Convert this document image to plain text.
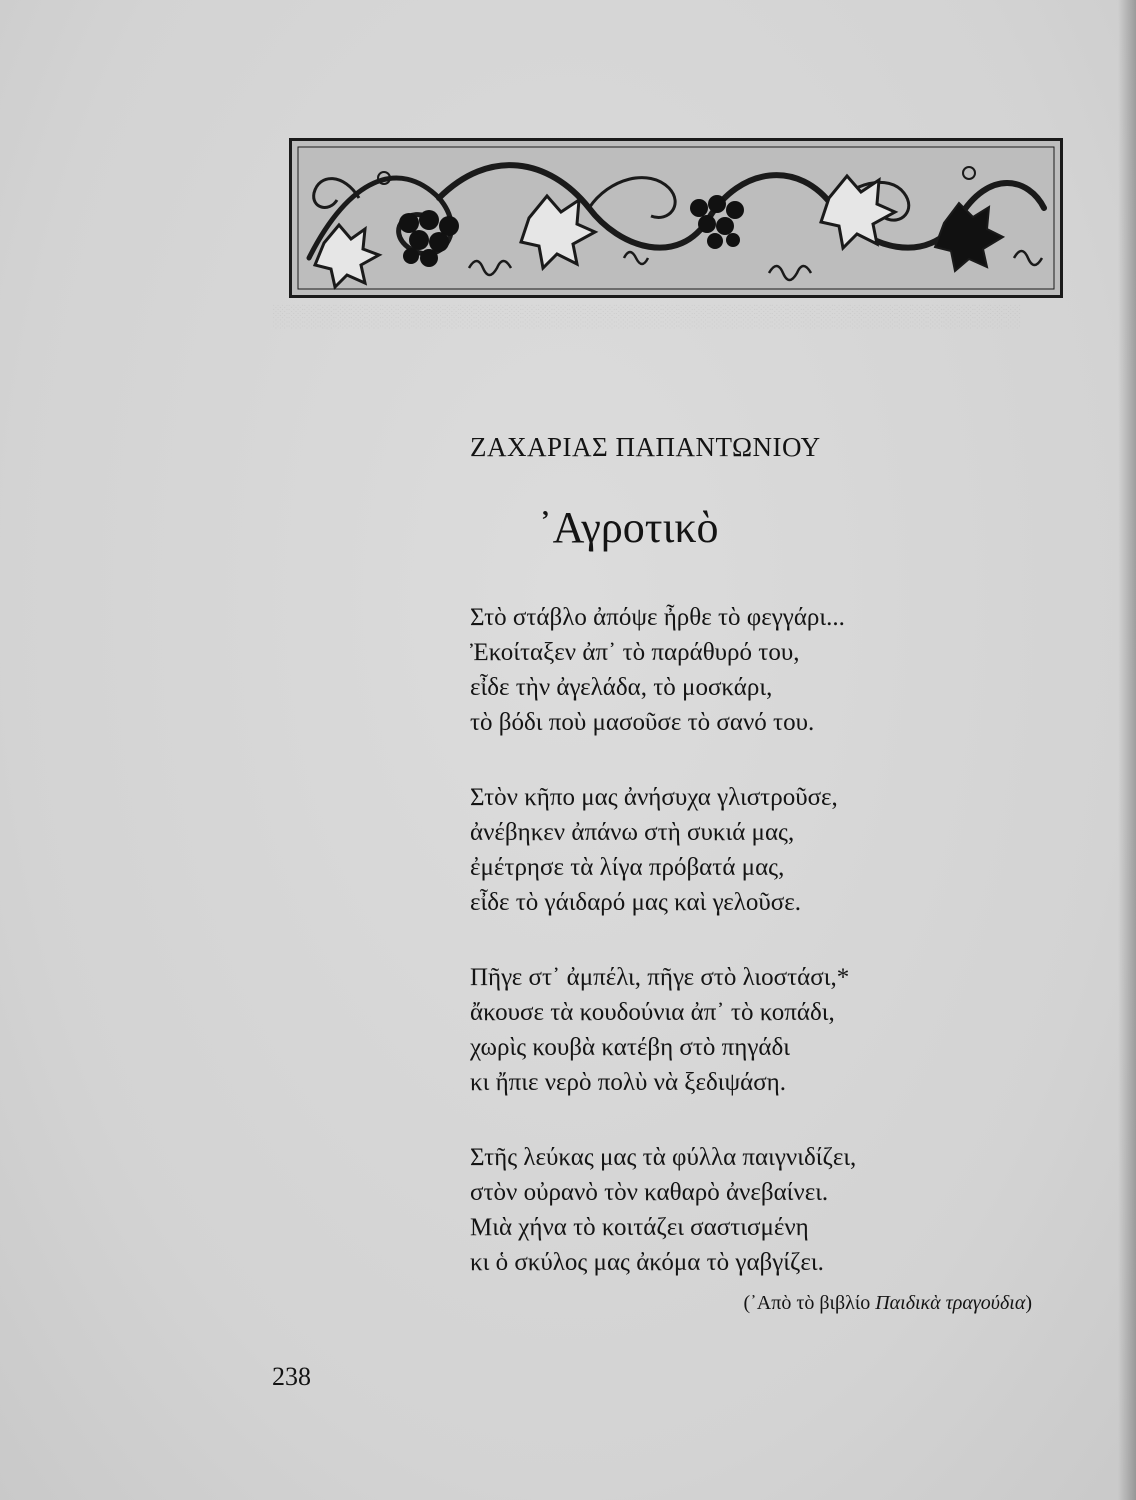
░░░░░░░░░░░░░░░░░░░░░░░░░░░░░░░░░░░░░░░░░░░░░░░░
ΖΑΧΑΡΙΑΣ ΠΑΠΑΝΤΩΝΙΟΥ
᾽Αγροτικὸ
Στὸ στάβλο ἀπόψε ἦρθε τὸ φεγγάρι...
Ἐκοίταξεν ἀπ᾽ τὸ παράθυρό του,
εἶδε τὴν ἀγελάδα, τὸ μοσκάρι,
τὸ βόδι ποὺ μασοῦσε τὸ σανό του.
Στὸν κῆπο μας ἀνήσυχα γλιστροῦσε,
ἀνέβηκεν ἀπάνω στὴ συκιά μας,
ἐμέτρησε τὰ λίγα πρόβατά μας,
εἶδε τὸ γάιδαρό μας καὶ γελοῦσε.
Πῆγε στ᾽ ἀμπέλι, πῆγε στὸ λιοστάσι,*
ἄκουσε τὰ κουδούνια ἀπ᾽ τὸ κοπάδι,
χωρὶς κουβὰ κατέβη στὸ πηγάδι
κι ἤπιε νερὸ πολὺ νὰ ξεδιψάση.
Στῆς λεύκας μας τὰ φύλλα παιγνιδίζει,
στὸν οὐρανὸ τὸν καθαρὸ ἀνεβαίνει.
Μιὰ χήνα τὸ κοιτάζει σαστισμένη
κι ὁ σκύλος μας ἀκόμα τὸ γαβγίζει.
(᾽Απὸ τὸ βιβλίο Παιδικὰ τραγούδια)
238
